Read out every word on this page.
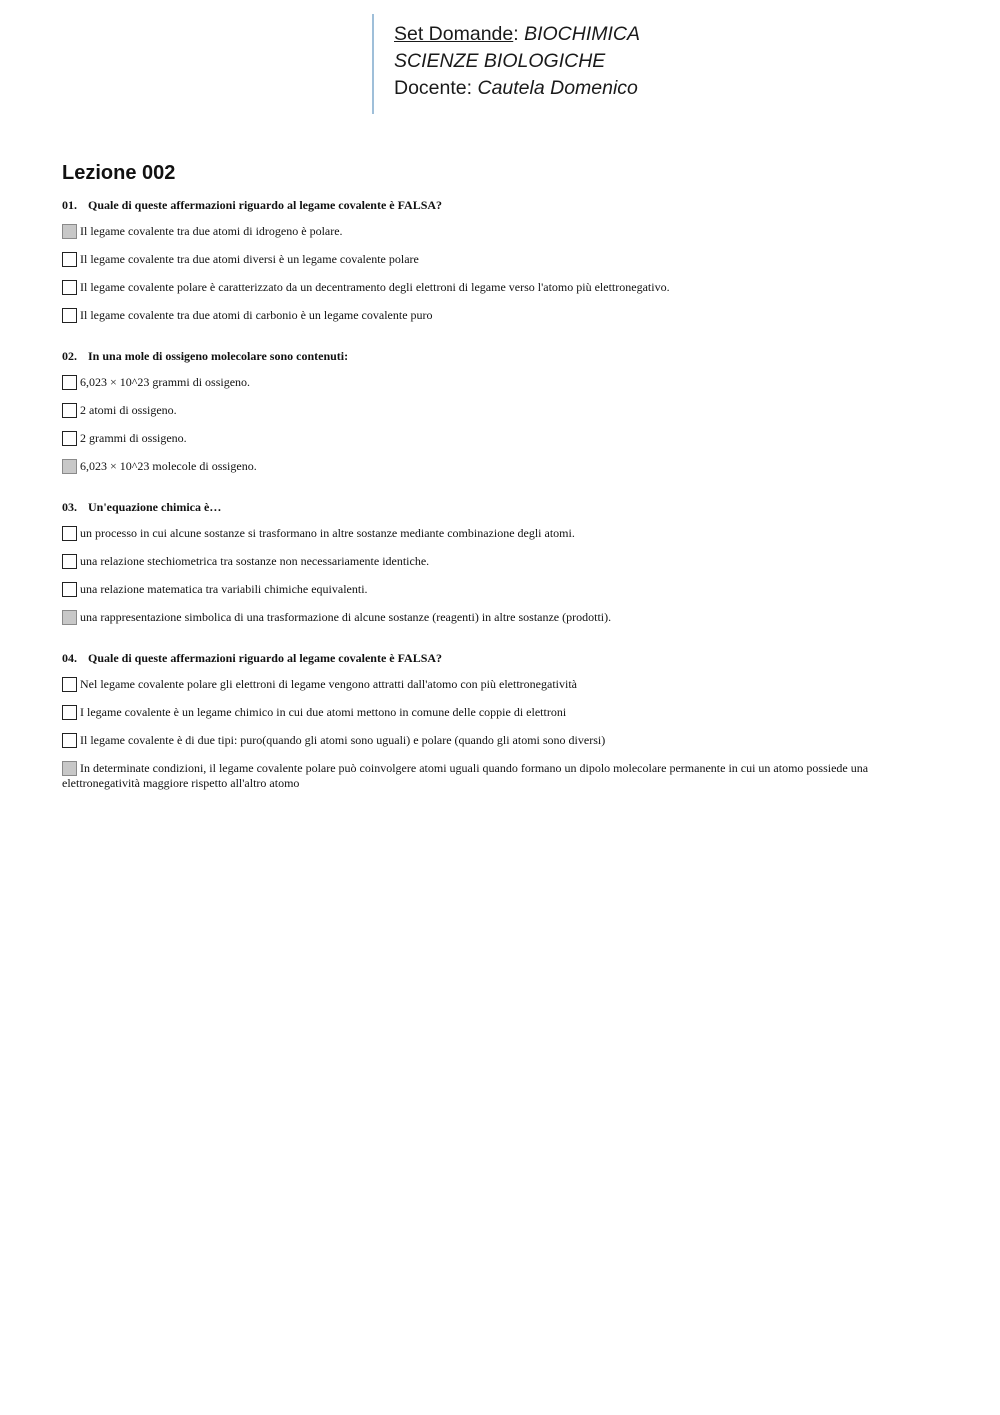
Set Domande: BIOCHIMICA
SCIENZE BIOLOGICHE
Docente: Cautela Domenico
Lezione 002
01. Quale di queste affermazioni riguardo al legame covalente è FALSA?
Il legame covalente tra due atomi di idrogeno è polare.
Il legame covalente tra due atomi diversi è un legame covalente polare
Il legame covalente polare è caratterizzato da un decentramento degli elettroni di legame verso l'atomo più elettronegativo.
Il legame covalente tra due atomi di carbonio è un legame covalente puro
02. In una mole di ossigeno molecolare sono contenuti:
6,023 × 10^23 grammi di ossigeno.
2 atomi di ossigeno.
2 grammi di ossigeno.
6,023 × 10^23 molecole di ossigeno.
03. Un'equazione chimica è…
un processo in cui alcune sostanze si trasformano in altre sostanze mediante combinazione degli atomi.
una relazione stechiometrica tra sostanze non necessariamente identiche.
una relazione matematica tra variabili chimiche equivalenti.
una rappresentazione simbolica di una trasformazione di alcune sostanze (reagenti) in altre sostanze (prodotti).
04. Quale di queste affermazioni riguardo al legame covalente è FALSA?
Nel legame covalente polare gli elettroni di legame vengono attratti dall'atomo con più elettronegatività
I legame covalente è un legame chimico in cui due atomi mettono in comune delle coppie di elettroni
Il legame covalente è di due tipi: puro(quando gli atomi sono uguali) e polare (quando gli atomi sono diversi)
In determinate condizioni, il legame covalente polare può coinvolgere atomi uguali quando formano un dipolo molecolare permanente in cui un atomo possiede una elettronegatività maggiore rispetto all'altro atomo
